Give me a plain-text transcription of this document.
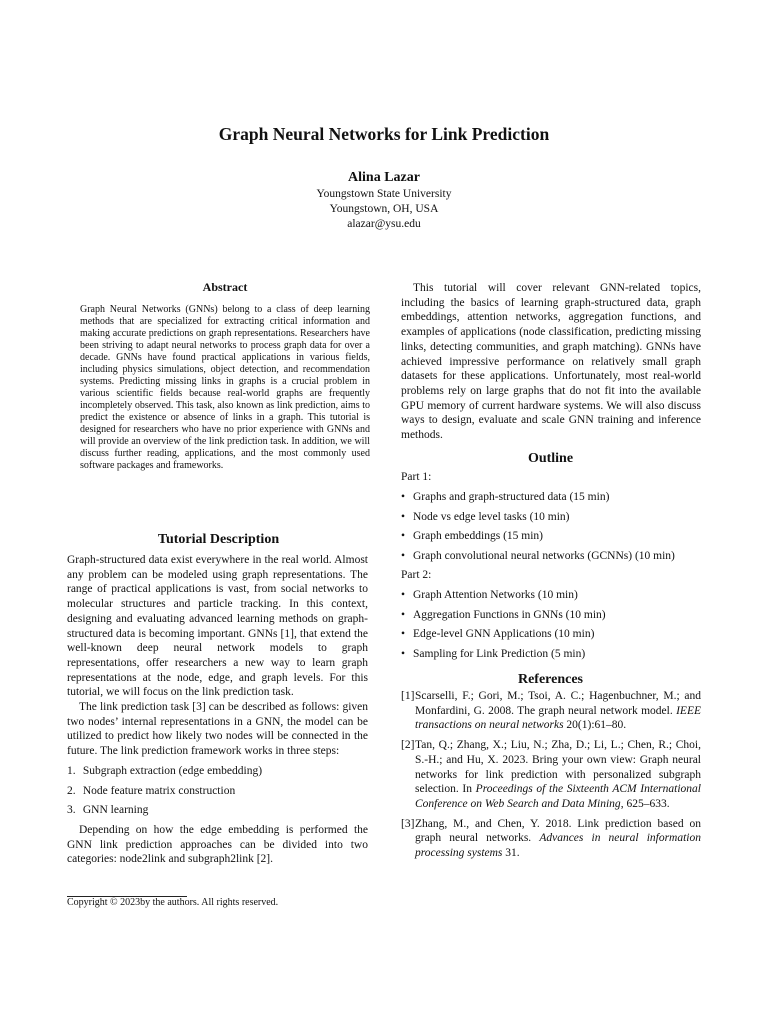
Graph Neural Networks for Link Prediction
Alina Lazar
Youngstown State University
Youngstown, OH, USA
alazar@ysu.edu
Abstract
Graph Neural Networks (GNNs) belong to a class of deep learning methods that are specialized for extracting critical information and making accurate predictions on graph representations. Researchers have been striving to adapt neural networks to process graph data for over a decade. GNNs have found practical applications in various fields, including physics simulations, object detection, and recommendation systems. Predicting missing links in graphs is a crucial problem in various scientific fields because real-world graphs are frequently incompletely observed. This task, also known as link prediction, aims to predict the existence or absence of links in a graph. This tutorial is designed for researchers who have no prior experience with GNNs and will provide an overview of the link prediction task. In addition, we will discuss further reading, applications, and the most commonly used software packages and frameworks.
Tutorial Description

Graph-structured data exist everywhere in the real world. Almost any problem can be modeled using graph representations. The range of practical applications is vast, from social networks to molecular structures and particle tracking. In this context, designing and evaluating advanced learning methods on graph-structured data is becoming important. GNNs [1], that extend the well-known deep neural network models to graph representations, offer researchers a new way to learn graph representations at the node, edge, and graph levels. For this tutorial, we will focus on the link prediction task.

The link prediction task [3] can be described as follows: given two nodes’ internal representations in a GNN, the model can be utilized to predict how likely two nodes will be connected in the future. The link prediction framework works in three steps:

1. Subgraph extraction (edge embedding)
2. Node feature matrix construction
3. GNN learning

Depending on how the edge embedding is performed the GNN link prediction approaches can be divided into two categories: node2link and subgraph2link [2].

Copyright © 2023by the authors. All rights reserved.

This tutorial will cover relevant GNN-related topics, including the basics of learning graph-structured data, graph embeddings, attention networks, aggregation functions, and examples of applications (node classification, predicting missing links, detecting communities, and graph matching). GNNs have achieved impressive performance on relatively small graph datasets for these applications. Unfortunately, most real-world problems rely on large graphs that do not fit into the available GPU memory of current hardware systems. We will also discuss ways to design, evaluate and scale GNN training and inference methods.

Outline
Part 1:
• Graphs and graph-structured data (15 min)
• Node vs edge level tasks (10 min)
• Graph embeddings (15 min)
• Graph convolutional neural networks (GCNNs) (10 min)
Part 2:
• Graph Attention Networks (10 min)
• Aggregation Functions in GNNs (10 min)
• Edge-level GNN Applications (10 min)
• Sampling for Link Prediction (5 min)
References
[1] Scarselli, F.; Gori, M.; Tsoi, A. C.; Hagenbuchner, M.; and Monfardini, G. 2008. The graph neural network model. IEEE transactions on neural networks 20(1):61–80.
[2] Tan, Q.; Zhang, X.; Liu, N.; Zha, D.; Li, L.; Chen, R.; Choi, S.-H.; and Hu, X. 2023. Bring your own view: Graph neural networks for link prediction with personalized subgraph selection. In Proceedings of the Sixteenth ACM International Conference on Web Search and Data Mining, 625–633.
[3] Zhang, M., and Chen, Y. 2018. Link prediction based on graph neural networks. Advances in neural information processing systems 31.
